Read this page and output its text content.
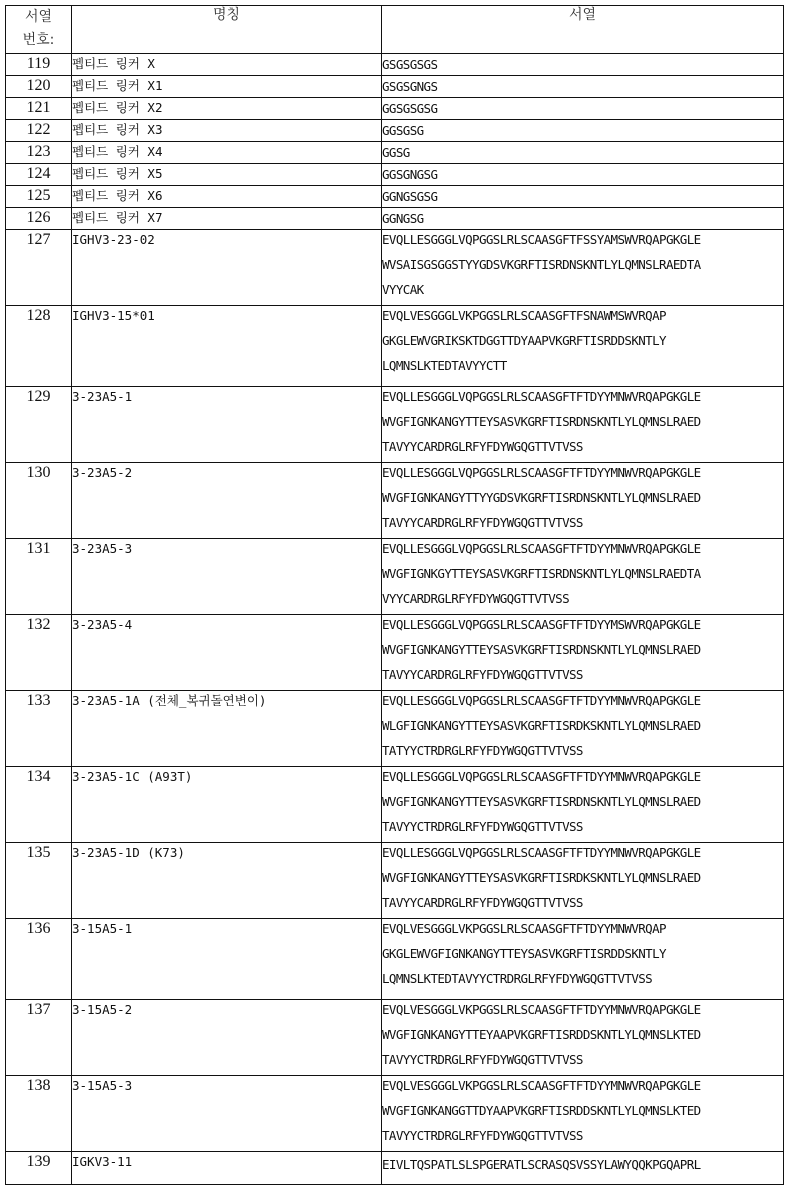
서열
번호:	명칭	서열
119	펩티드 링커 X	GSGSGSGS

120	펩티드 링커 X1	GSGSGNGS

121	펩티드 링커 X2	GGSGSGSG

122	펩티드 링커 X3	GGSGSG

123	펩티드 링커 X4	GGSG

124	펩티드 링커 X5	GGSGNGSG

125	펩티드 링커 X6	GGNGSGSG

126	펩티드 링커 X7	GGNGSG

127	IGHV3-23-02	EVQLLESGGGLVQPGGSLRLSCAASGFTFSSYAMSWVRQAPGKGLE
WVSAISGSGGSTYYGDSVKGRFTISRDNSKNTLYLQMNSLRAEDTA
VYYCAK

128	IGHV3-15*01	EVQLVESGGGLVKPGGSLRLSCAASGFTFSNAWMSWVRQAP
GKGLEWVGRIKSKTDGGTTDYAAPVKGRFTISRDDSKNTLY
LQMNSLKTEDTAVYYCTT

129	3-23A5-1	EVQLLESGGGLVQPGGSLRLSCAASGFTFTDYYMNWVRQAPGKGLE
WVGFIGNKANGYTTEYSASVKGRFTISRDNSKNTLYLQMNSLRAED
TAVYYCARDRGLRFYFDYWGQGTTVTVSS

130	3-23A5-2	EVQLLESGGGLVQPGGSLRLSCAASGFTFTDYYMNWVRQAPGKGLE
WVGFIGNKANGYTTYYGDSVKGRFTISRDNSKNTLYLQMNSLRAED
TAVYYCARDRGLRFYFDYWGQGTTVTVSS

131	3-23A5-3	EVQLLESGGGLVQPGGSLRLSCAASGFTFTDYYMNWVRQAPGKGLE
WVGFIGNKGYTTEYSASVKGRFTISRDNSKNTLYLQMNSLRAEDTA
VYYCARDRGLRFYFDYWGQGTTVTVSS

132	3-23A5-4	EVQLLESGGGLVQPGGSLRLSCAASGFTFTDYYMSWVRQAPGKGLE
WVGFIGNKANGYTTEYSASVKGRFTISRDNSKNTLYLQMNSLRAED
TAVYYCARDRGLRFYFDYWGQGTTVTVSS

133	3-23A5-1A (전체_복귀돌연변이)	EVQLLESGGGLVQPGGSLRLSCAASGFTFTDYYMNWVRQAPGKGLE
WLGFIGNKANGYTTEYSASVKGRFTISRDKSKNTLYLQMNSLRAED
TATYYCTRDRGLRFYFDYWGQGTTVTVSS

134	3-23A5-1C (A93T)	EVQLLESGGGLVQPGGSLRLSCAASGFTFTDYYMNWVRQAPGKGLE
WVGFIGNKANGYTTEYSASVKGRFTISRDNSKNTLYLQMNSLRAED
TAVYYCTRDRGLRFYFDYWGQGTTVTVSS

135	3-23A5-1D (K73)	EVQLLESGGGLVQPGGSLRLSCAASGFTFTDYYMNWVRQAPGKGLE
WVGFIGNKANGYTTEYSASVKGRFTISRDKSKNTLYLQMNSLRAED
TAVYYCARDRGLRFYFDYWGQGTTVTVSS

136	3-15A5-1	EVQLVESGGGLVKPGGSLRLSCAASGFTFTDYYMNWVRQAP
GKGLEWVGFIGNKANGYTTEYSASVKGRFTISRDDSKNTLY
LQMNSLKTEDTAVYYCTRDRGLRFYFDYWGQGTTVTVSS

137	3-15A5-2	EVQLVESGGGLVKPGGSLRLSCAASGFTFTDYYMNWVRQAPGKGLE
WVGFIGNKANGYTTEYAAPVKGRFTISRDDSKNTLYLQMNSLKTED
TAVYYCTRDRGLRFYFDYWGQGTTVTVSS

138	3-15A5-3	EVQLVESGGGLVKPGGSLRLSCAASGFTFTDYYMNWVRQAPGKGLE
WVGFIGNKANGGTTDYAAPVKGRFTISRDDSKNTLYLQMNSLKTED
TAVYYCTRDRGLRFYFDYWGQGTTVTVSS

139	IGKV3-11	EIVLTQSPATLSLSPGERATLSCRASQSVSSYLAWYQQKPGQAPRL
